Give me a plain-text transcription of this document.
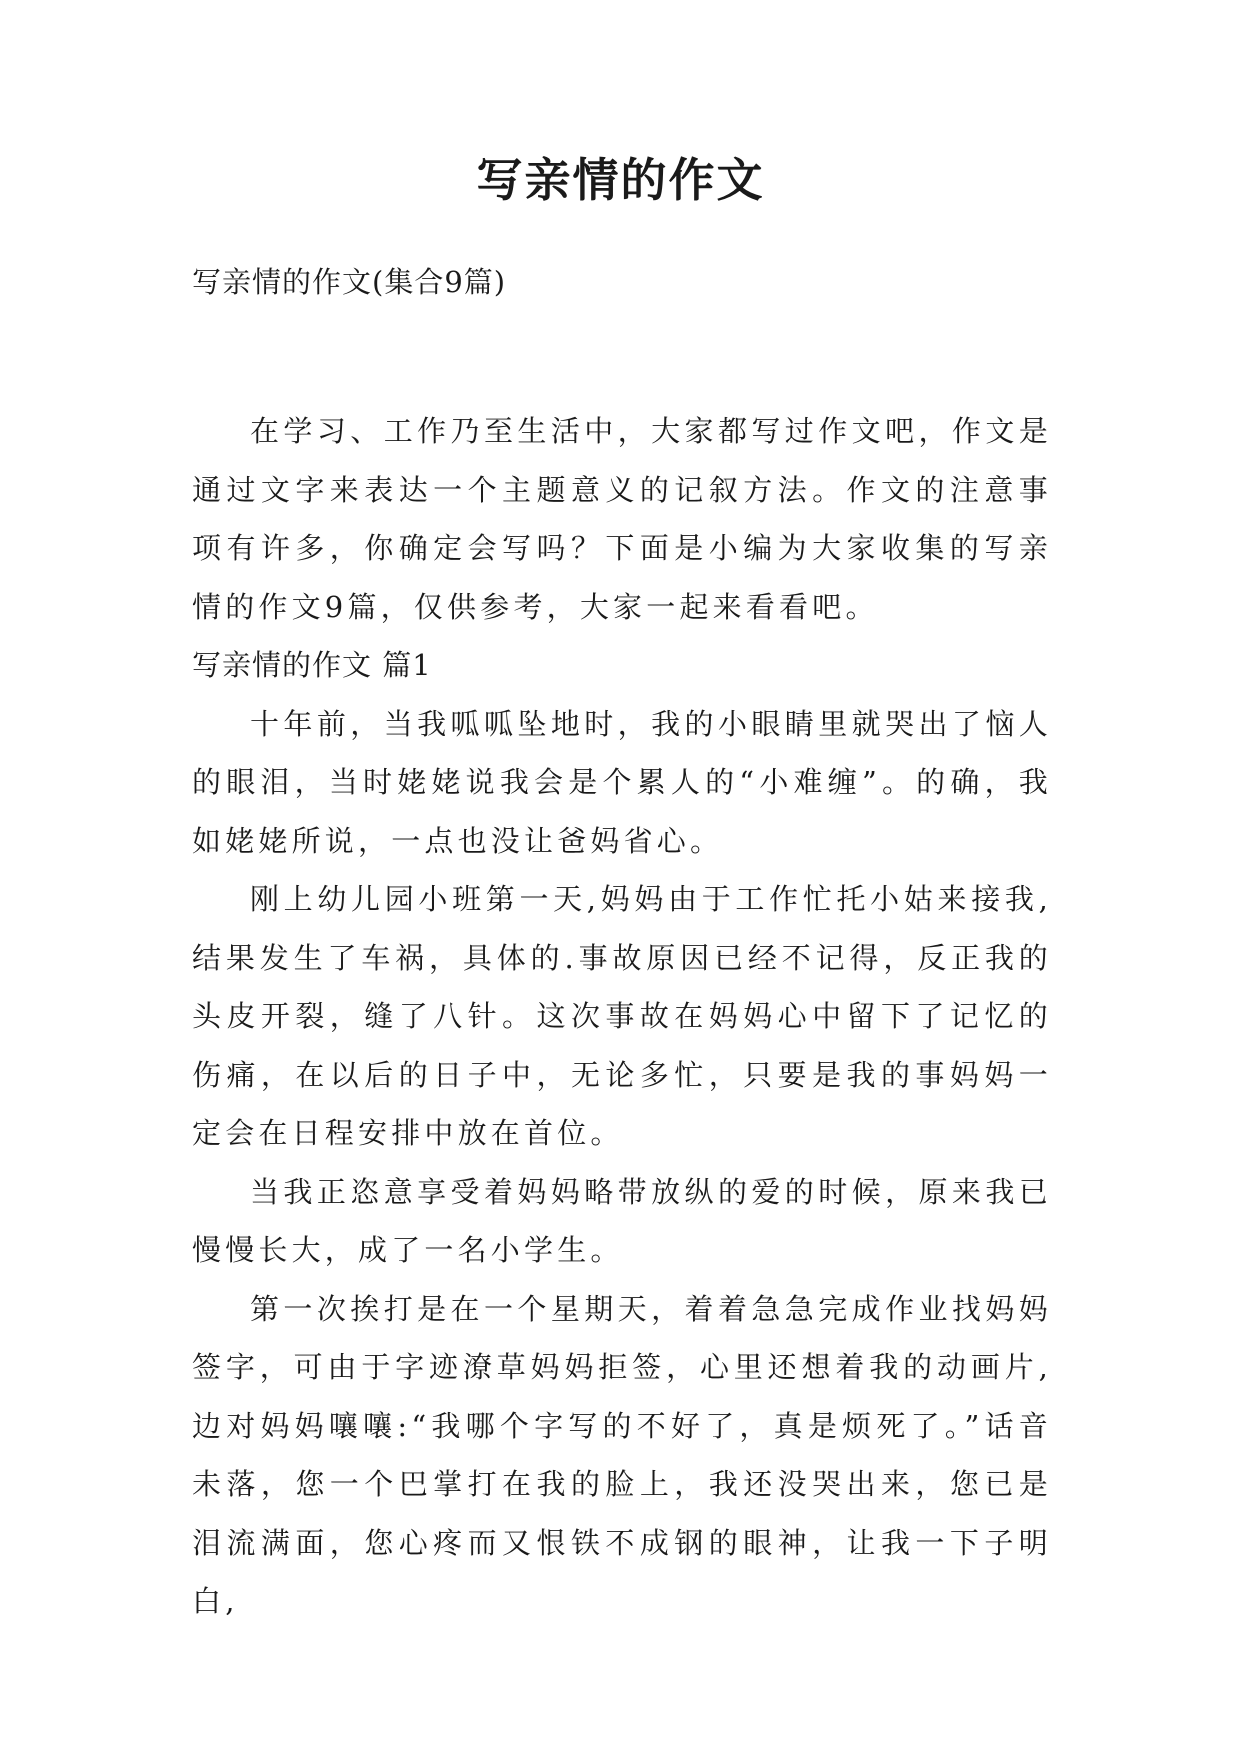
写亲情的作文

写亲情的作文(集合9篇)

在学习、工作乃至生活中，大家都写过作文吧，作文是通过文字来表达一个主题意义的记叙方法。作文的注意事项有许多，你确定会写吗？下面是小编为大家收集的写亲情的作文9篇，仅供参考，大家一起来看看吧。

写亲情的作文 篇1

十年前，当我呱呱坠地时，我的小眼睛里就哭出了恼人的眼泪，当时姥姥说我会是个累人的“小难缠”。的确，我如姥姥所说，一点也没让爸妈省心。

刚上幼儿园小班第一天,妈妈由于工作忙托小姑来接我,结果发生了车祸，具体的.事故原因已经不记得，反正我的头皮开裂，缝了八针。这次事故在妈妈心中留下了记忆的伤痛，在以后的日子中，无论多忙，只要是我的事妈妈一定会在日程安排中放在首位。

当我正恣意享受着妈妈略带放纵的爱的时候，原来我已慢慢长大，成了一名小学生。

第一次挨打是在一个星期天，着着急急完成作业找妈妈签字，可由于字迹潦草妈妈拒签，心里还想着我的动画片,边对妈妈嚷嚷:“我哪个字写的不好了，真是烦死了。”话音未落，您一个巴掌打在我的脸上，我还没哭出来，您已是泪流满面，您心疼而又恨铁不成钢的眼神，让我一下子明白,
